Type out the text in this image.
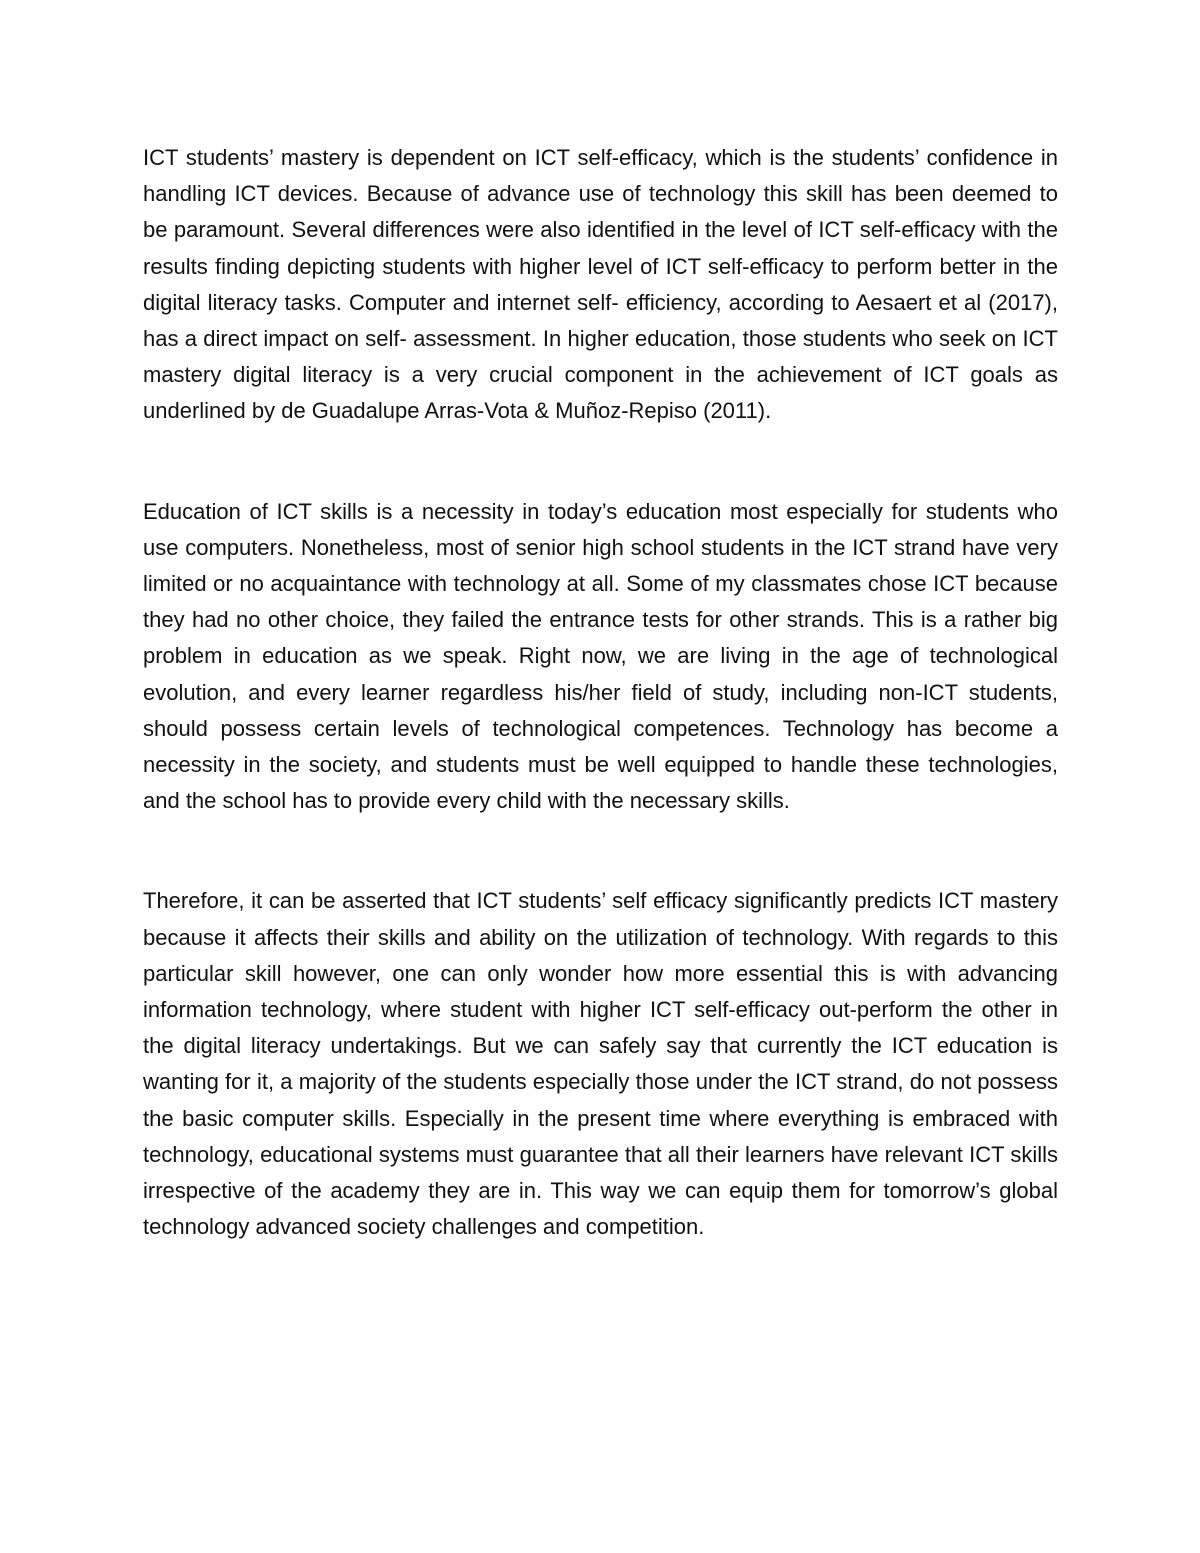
ICT students’ mastery is dependent on ICT self-efficacy, which is the students’ confidence in handling ICT devices. Because of advance use of technology this skill has been deemed to be paramount. Several differences were also identified in the level of ICT self-efficacy with the results finding depicting students with higher level of ICT self-efficacy to perform better in the digital literacy tasks. Computer and internet self- efficiency, according to Aesaert et al (2017), has a direct impact on self- assessment. In higher education, those students who seek on ICT mastery digital literacy is a very crucial component in the achievement of ICT goals as underlined by de Guadalupe Arras-Vota & Muñoz-Repiso (2011).

Education of ICT skills is a necessity in today’s education most especially for students who use computers. Nonetheless, most of senior high school students in the ICT strand have very limited or no acquaintance with technology at all. Some of my classmates chose ICT because they had no other choice, they failed the entrance tests for other strands. This is a rather big problem in education as we speak. Right now, we are living in the age of technological evolution, and every learner regardless his/her field of study, including non-ICT students, should possess certain levels of technological competences. Technology has become a necessity in the society, and students must be well equipped to handle these technologies, and the school has to provide every child with the necessary skills.

Therefore, it can be asserted that ICT students’ self efficacy significantly predicts ICT mastery because it affects their skills and ability on the utilization of technology. With regards to this particular skill however, one can only wonder how more essential this is with advancing information technology, where student with higher ICT self-efficacy out-perform the other in the digital literacy undertakings. But we can safely say that currently the ICT education is wanting for it, a majority of the students especially those under the ICT strand, do not possess the basic computer skills. Especially in the present time where everything is embraced with technology, educational systems must guarantee that all their learners have relevant ICT skills irrespective of the academy they are in. This way we can equip them for tomorrow’s global technology advanced society challenges and competition.
